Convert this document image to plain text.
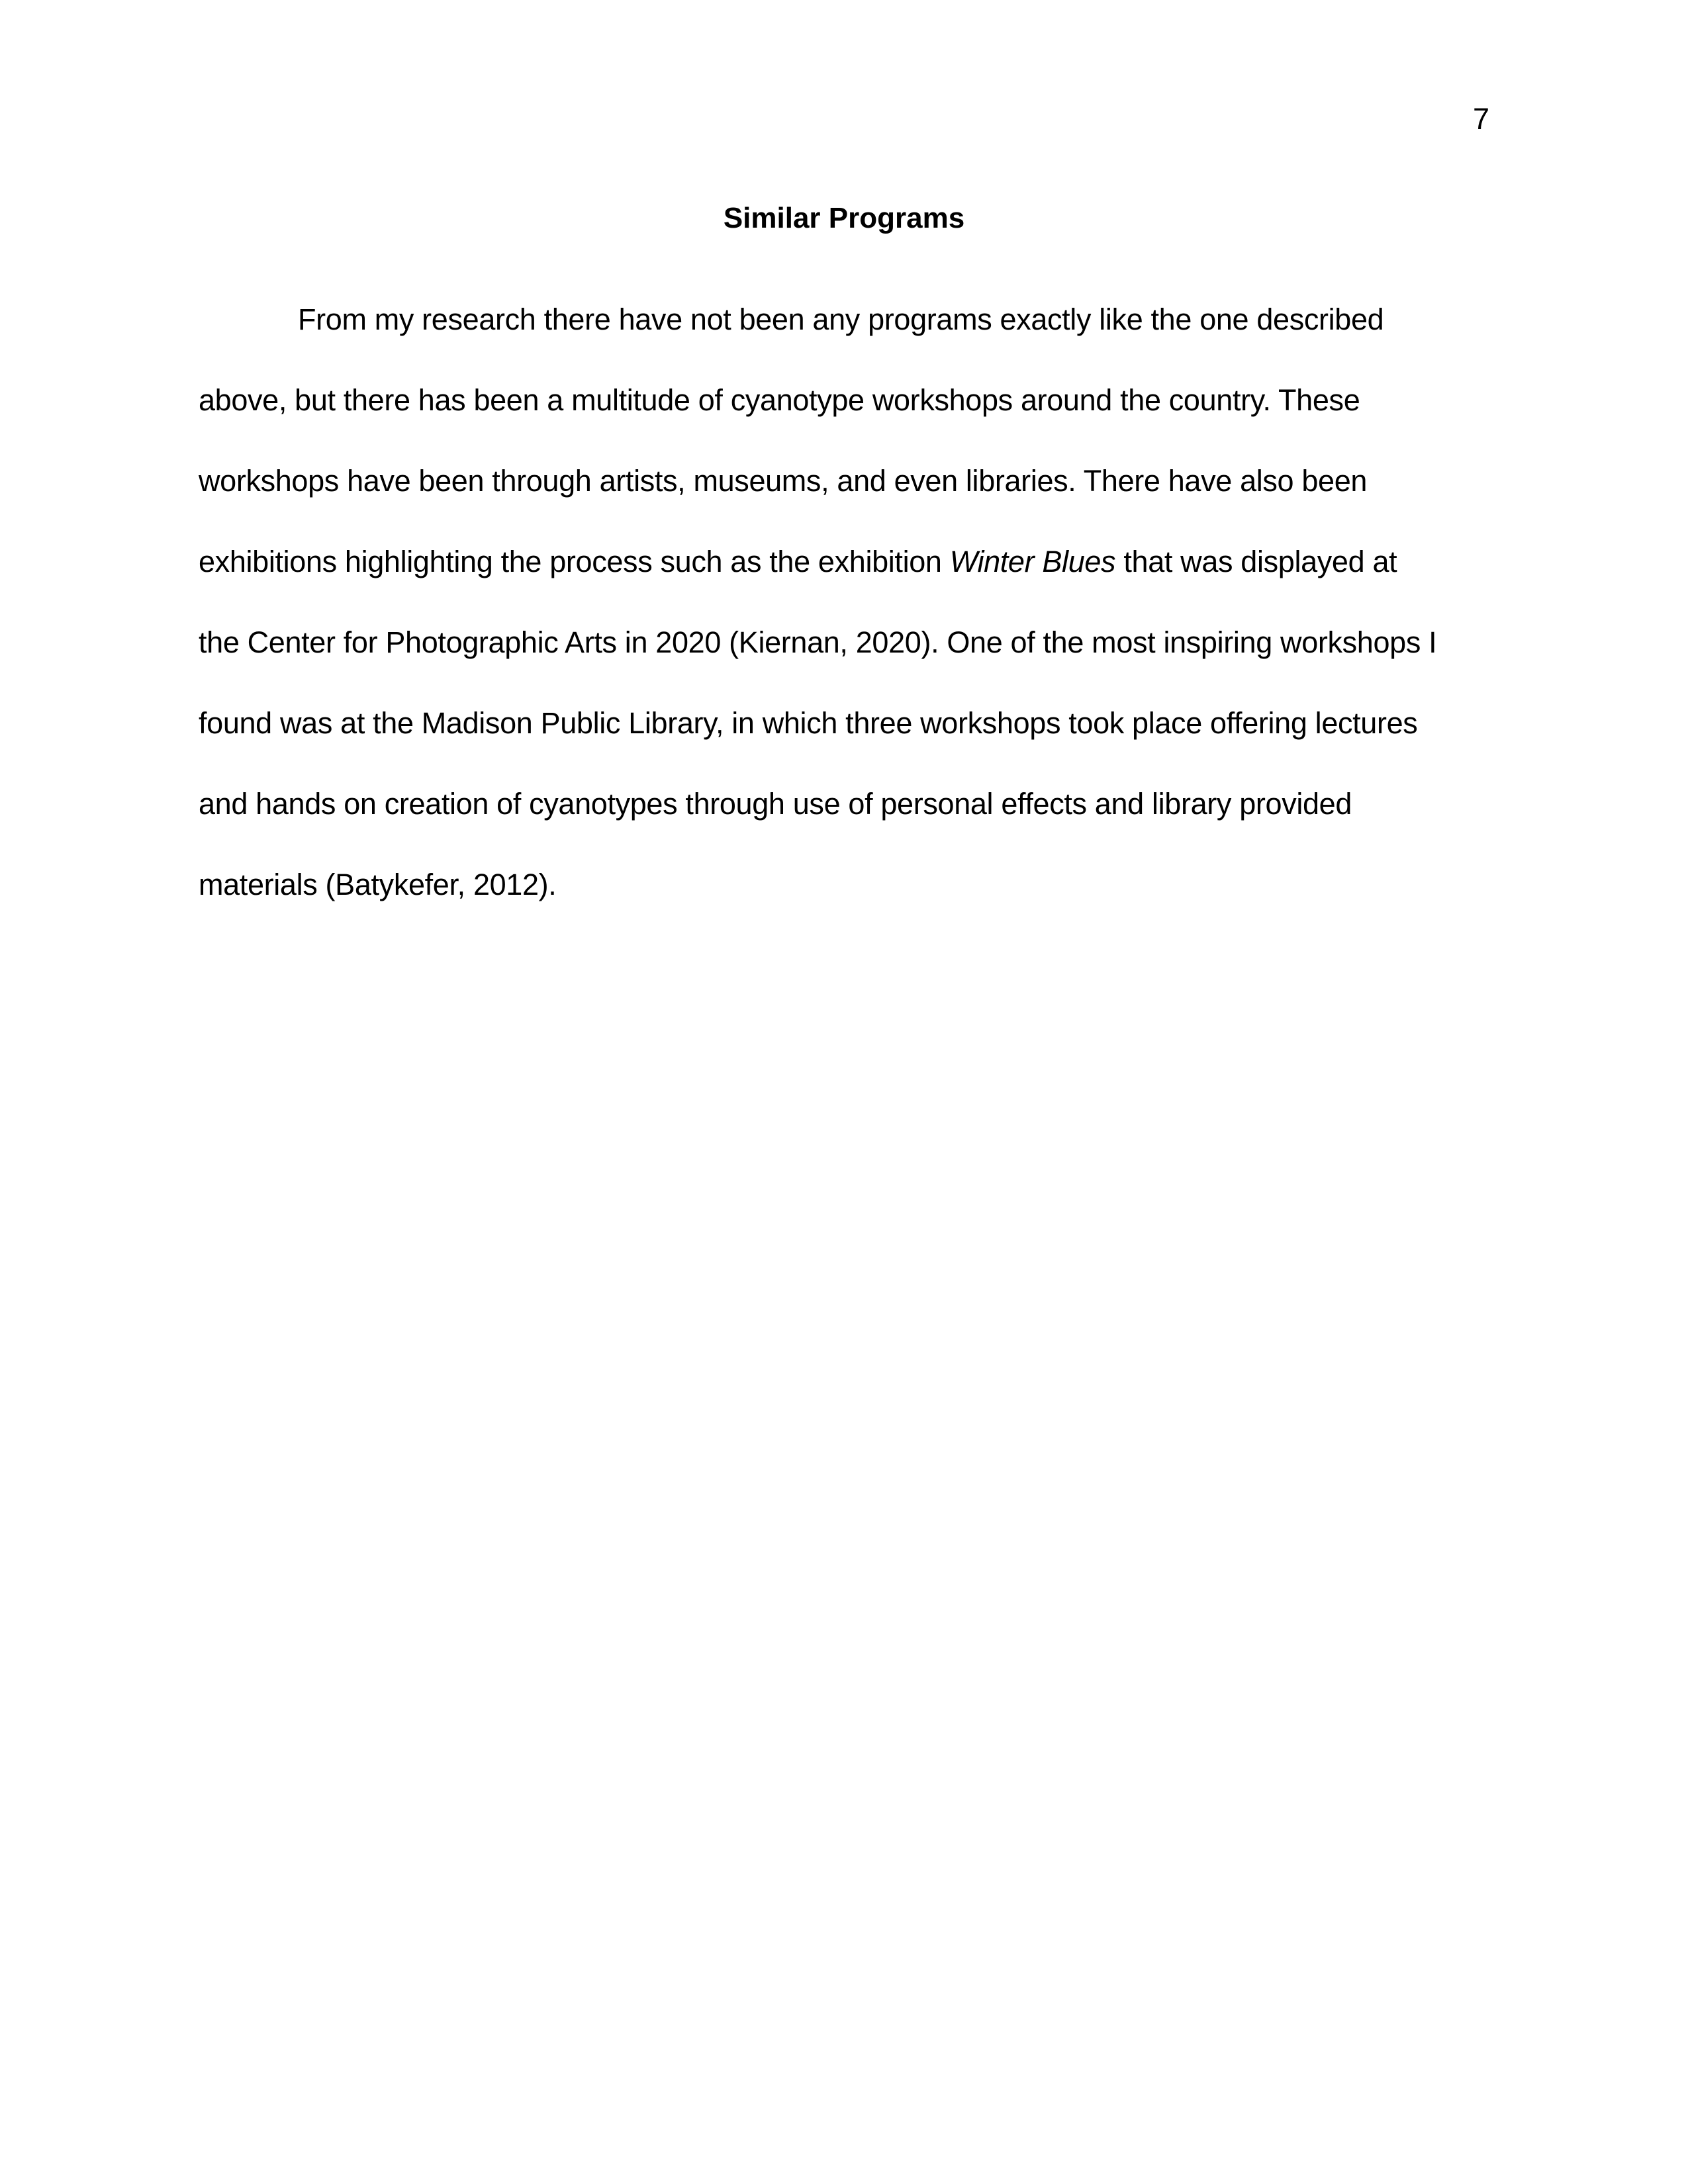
7
Similar Programs
From my research there have not been any programs exactly like the one described
above, but there has been a multitude of cyanotype workshops around the country. These
workshops have been through artists, museums, and even libraries. There have also been
exhibitions highlighting the process such as the exhibition Winter Blues that was displayed at
the Center for Photographic Arts in 2020 (Kiernan, 2020). One of the most inspiring workshops I
found was at the Madison Public Library, in which three workshops took place offering lectures
and hands on creation of cyanotypes through use of personal effects and library provided
materials (Batykefer, 2012).
